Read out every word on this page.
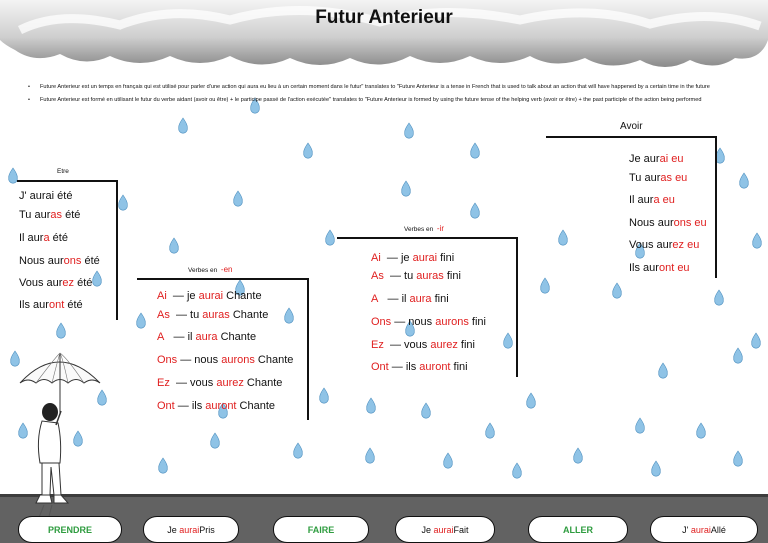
Futur Anterieur
• Future Anterieur est un temps en français qui est utilisé pour parler d'une action qui aura eu lieu à un certain moment dans le futur" translates to "Future Anterieur is a tense in French that is used to talk about an action that will have happened by a certain time in the future
• Future Anterieur est formé en utilisant le futur du verbe aidant (avoir ou être) + le participe passé de l'action exécutée" translates to "Future Anterieur is formed by using the future tense of the helping verb (avoir or être) + the past participle of the action being performed
Etre
J' aurai été
Tu auras été
Il aura été
Nous aurons été
Vous aurez été
Ils auront été
Verbes en -en
Ai — je aurai Chante
As — tu auras Chante
A — il aura Chante
Ons — nous aurons Chante
Ez — vous aurez Chante
Ont — ils auront Chante
Verbes en -ir
Ai — je aurai fini
As — tu auras fini
A — il aura fini
Ons — nous aurons fini
Ez — vous aurez fini
Ont — ils auront fini
Avoir
Je aurai eu
Tu auras eu
Il aura eu
Nous aurons eu
Vous aurez eu
Ils auront eu
PRENDRE	Je
aurai Pris	FAIRE	Je
aurai Fait	ALLER	J'
aurai Allé
